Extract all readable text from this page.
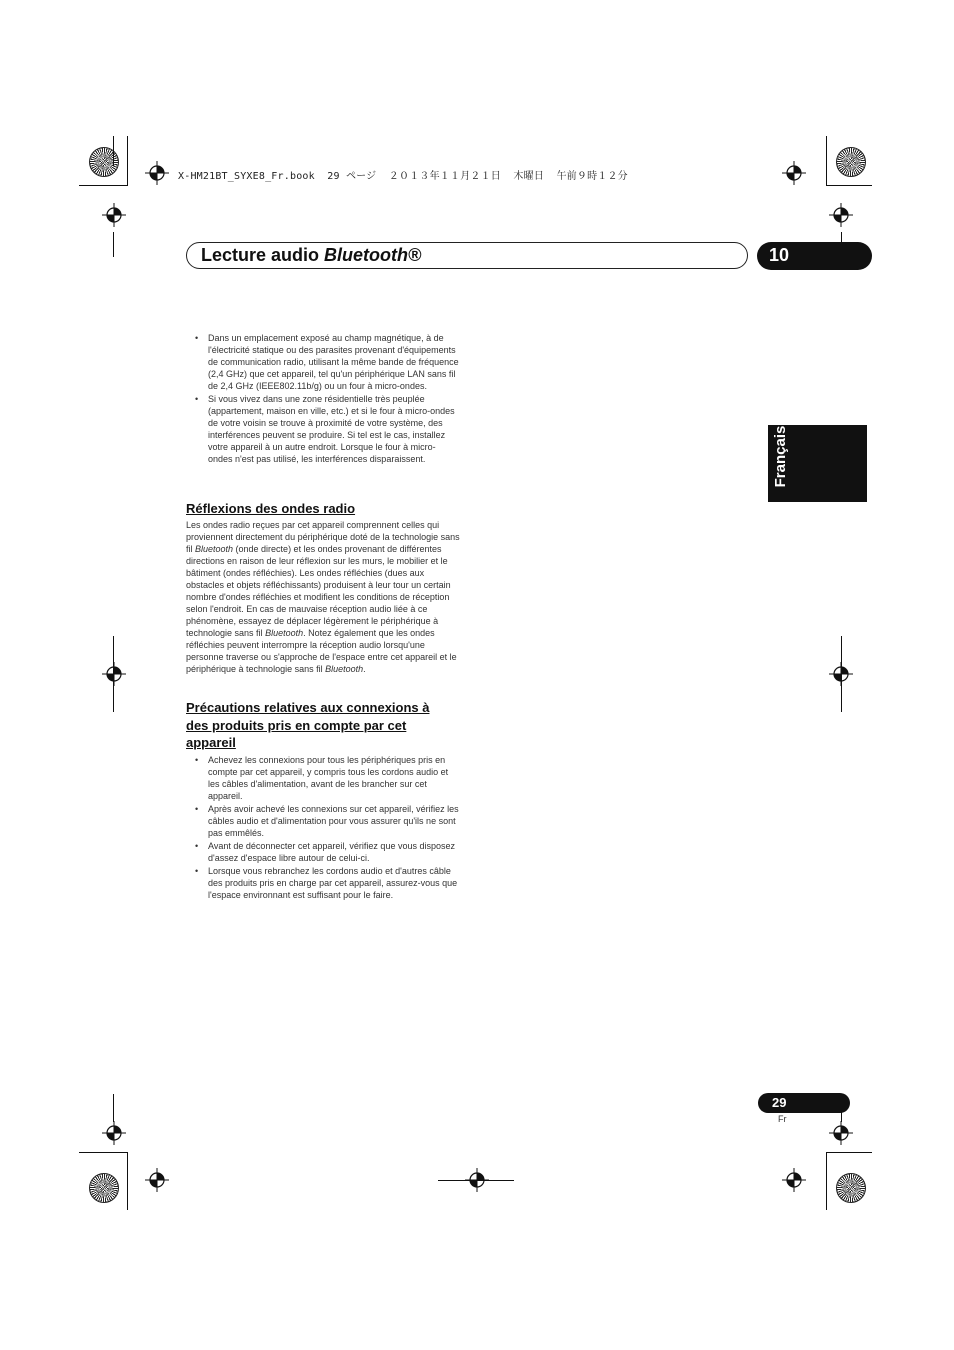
X-HM21BT_SYXE8_Fr.book  29 ページ  ２０１３年１１月２１日  木曜日  午前９時１２分
Lecture audio Bluetooth®	10
Français
• Dans un emplacement exposé au champ magnétique, à de l'électricité statique ou des parasites provenant d'équipements de communication radio, utilisant la même bande de fréquence (2,4 GHz) que cet appareil, tel qu'un périphérique LAN sans fil de 2,4 GHz (IEEE802.11b/g) ou un four à micro-ondes.
• Si vous vivez dans une zone résidentielle très peuplée (appartement, maison en ville, etc.) et si le four à micro-ondes de votre voisin se trouve à proximité de votre système, des interférences peuvent se produire. Si tel est le cas, installez votre appareil à un autre endroit. Lorsque le four à micro-ondes n'est pas utilisé, les interférences disparaissent.
Réflexions des ondes radio

Les ondes radio reçues par cet appareil comprennent celles qui proviennent directement du périphérique doté de la technologie sans fil Bluetooth (onde directe) et les ondes provenant de différentes directions en raison de leur réflexion sur les murs, le mobilier et le bâtiment (ondes réfléchies). Les ondes réfléchies (dues aux obstacles et objets réfléchissants) produisent à leur tour un certain nombre d'ondes réfléchies et modifient les conditions de réception selon l'endroit. En cas de mauvaise réception audio liée à ce phénomène, essayez de déplacer légèrement le périphérique à technologie sans fil Bluetooth. Notez également que les ondes réfléchies peuvent interrompre la réception audio lorsqu'une personne traverse ou s'approche de l'espace entre cet appareil et le périphérique à technologie sans fil Bluetooth.

Précautions relatives aux connexions à
des produits pris en compte par cet
appareil
• Achevez les connexions pour tous les périphériques pris en compte par cet appareil, y compris tous les cordons audio et les câbles d'alimentation, avant de les brancher sur cet appareil.
• Après avoir achevé les connexions sur cet appareil, vérifiez les câbles audio et d'alimentation pour vous assurer qu'ils ne sont pas emmêlés.
• Avant de déconnecter cet appareil, vérifiez que vous disposez d'assez d'espace libre autour de celui-ci.
• Lorsque vous rebranchez les cordons audio et d'autres câble des produits pris en charge par cet appareil, assurez-vous que l'espace environnant est suffisant pour le faire.
29
Fr
